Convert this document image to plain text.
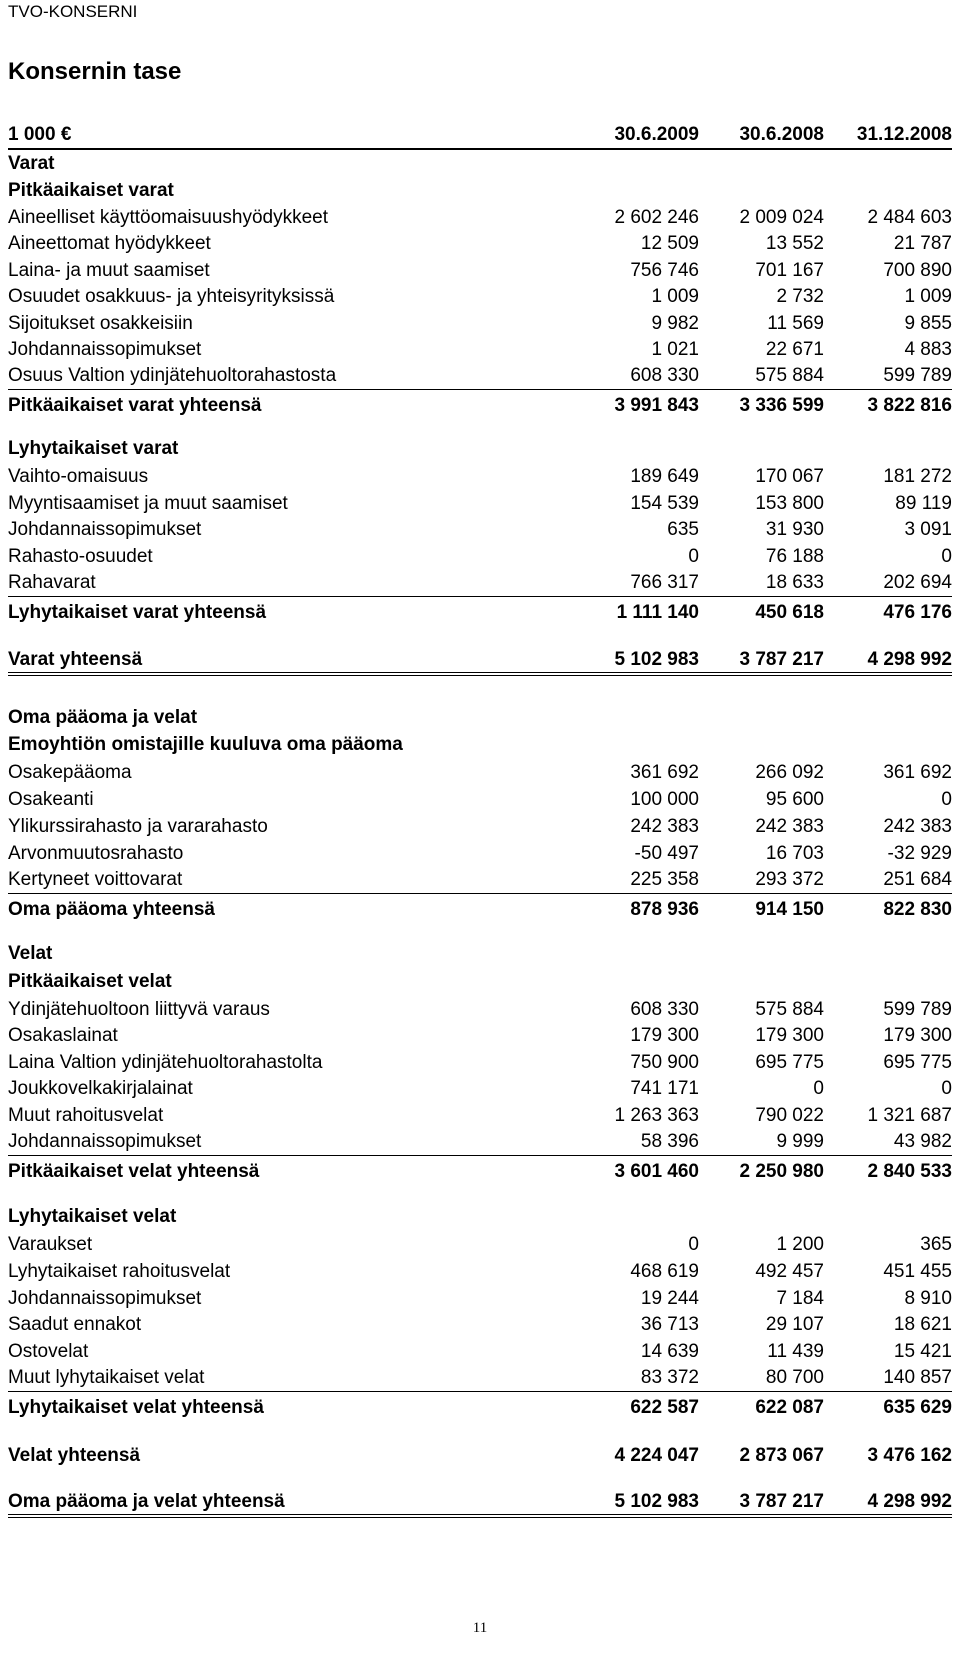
TVO-KONSERNI
Konsernin tase
1 000 €	30.6.2009	30.6.2008	31.12.2008
Varat
Pitkäaikaiset varat
Aineelliset käyttöomaisuushyödykkeet	2 602 246	2 009 024	2 484 603
Aineettomat hyödykkeet	12 509	13 552	21 787
Laina- ja muut saamiset	756 746	701 167	700 890
Osuudet osakkuus- ja yhteisyrityksissä	1 009	2 732	1 009
Sijoitukset osakkeisiin	9 982	11 569	9 855
Johdannaissopimukset	1 021	22 671	4 883
Osuus Valtion ydinjätehuoltorahastosta	608 330	575 884	599 789
Pitkäaikaiset varat yhteensä	3 991 843	3 336 599	3 822 816
Lyhytaikaiset varat
Vaihto-omaisuus	189 649	170 067	181 272
Myyntisaamiset ja muut saamiset	154 539	153 800	89 119
Johdannaissopimukset	635	31 930	3 091
Rahasto-osuudet	0	76 188	0
Rahavarat	766 317	18 633	202 694
Lyhytaikaiset varat yhteensä	1 111 140	450 618	476 176
Varat yhteensä	5 102 983	3 787 217	4 298 992
Oma pääoma ja velat
Emoyhtiön omistajille kuuluva oma pääoma
Osakepääoma	361 692	266 092	361 692
Osakeanti	100 000	95 600	0
Ylikurssirahasto ja vararahasto	242 383	242 383	242 383
Arvonmuutosrahasto	-50 497	16 703	-32 929
Kertyneet voittovarat	225 358	293 372	251 684
Oma pääoma yhteensä	878 936	914 150	822 830
Velat
Pitkäaikaiset velat
Ydinjätehuoltoon liittyvä varaus	608 330	575 884	599 789
Osakaslainat	179 300	179 300	179 300
Laina Valtion ydinjätehuoltorahastolta	750 900	695 775	695 775
Joukkovelkakirjalainat	741 171	0	0
Muut rahoitusvelat	1 263 363	790 022	1 321 687
Johdannaissopimukset	58 396	9 999	43 982
Pitkäaikaiset velat yhteensä	3 601 460	2 250 980	2 840 533
Lyhytaikaiset velat
Varaukset	0	1 200	365
Lyhytaikaiset rahoitusvelat	468 619	492 457	451 455
Johdannaissopimukset	19 244	7 184	8 910
Saadut ennakot	36 713	29 107	18 621
Ostovelat	14 639	11 439	15 421
Muut lyhytaikaiset velat	83 372	80 700	140 857
Lyhytaikaiset velat yhteensä	622 587	622 087	635 629
Velat yhteensä	4 224 047	2 873 067	3 476 162
Oma pääoma ja velat yhteensä	5 102 983	3 787 217	4 298 992
11
